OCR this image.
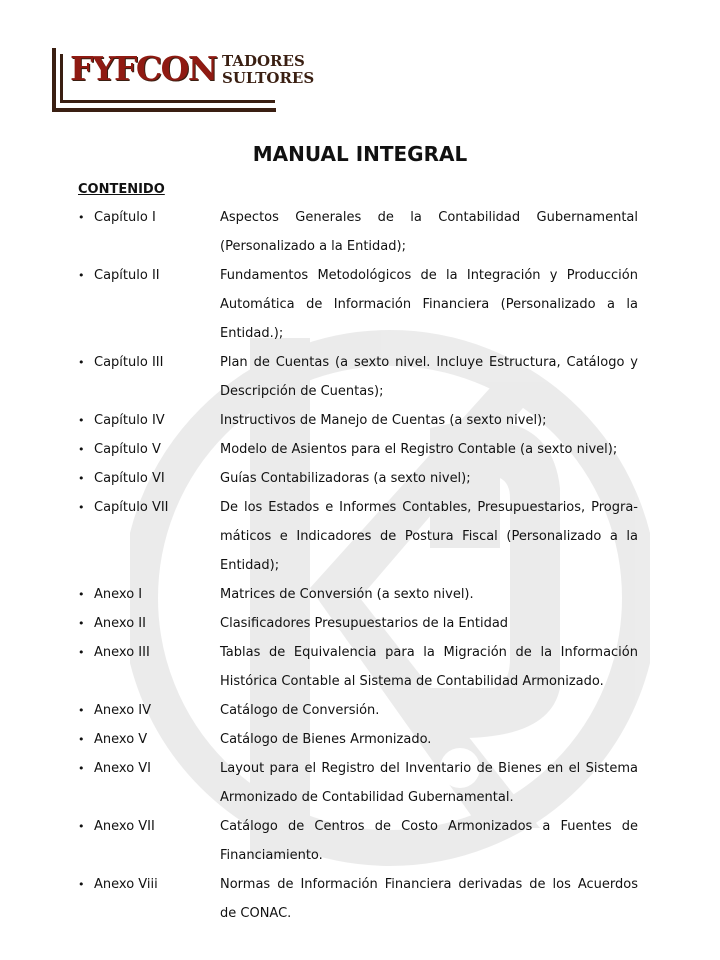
FYFCON TADORES
SULTORES
MANUAL INTEGRAL
CONTENIDO
• Capítulo I	Aspectos Generales de la Contabilidad Gubernamental (Personalizado a la Entidad);
• Capítulo II	Fundamentos Metodológicos de la Integración y Producción Automática de Información Financiera (Personalizado a la Entidad.);
• Capítulo III	Plan de Cuentas (a sexto nivel. Incluye Estructura, Catálogo y Descripción de Cuentas);
• Capítulo IV	Instructivos de Manejo de Cuentas (a sexto nivel);
• Capítulo V	Modelo de Asientos para el Registro Contable (a sexto nivel);
• Capítulo VI	Guías Contabilizadoras (a sexto nivel);
• Capítulo VII	De los Estados e Informes Contables, Presupuestarios, Progra-máticos e Indicadores de Postura Fiscal (Personalizado a la Entidad);
• Anexo I	Matrices de Conversión (a sexto nivel).
• Anexo II	Clasificadores Presupuestarios de la Entidad
• Anexo III	Tablas de Equivalencia para la Migración de la Información Histórica Contable al Sistema de Contabilidad Armonizado.
• Anexo IV	Catálogo de Conversión.
• Anexo V	Catálogo de Bienes Armonizado.
• Anexo VI	Layout para el Registro del Inventario de Bienes en el Sistema Armonizado de Contabilidad Gubernamental.
• Anexo VII	Catálogo de Centros de Costo Armonizados a Fuentes de Financiamiento.
• Anexo Viii	Normas de Información Financiera derivadas de los Acuerdos de CONAC.
